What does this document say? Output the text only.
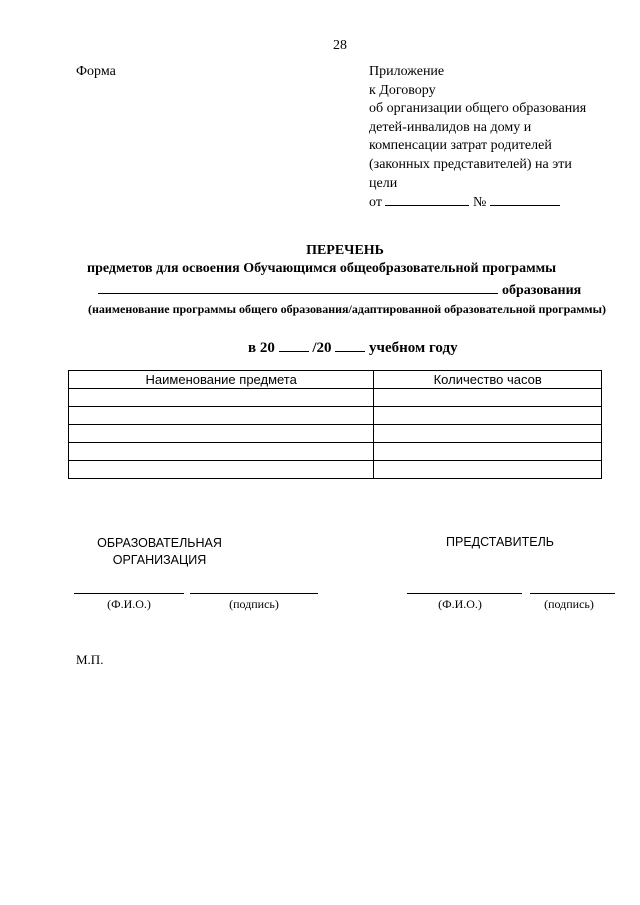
28
Форма	Приложение
к Договору
об организации общего образования
детей-инвалидов на дому и
компенсации затрат родителей
(законных представителей) на эти
цели
от	№
ПЕРЕЧЕНЬ
предметов для освоения Обучающимся общеобразовательной программы
образования
(наименование программы общего образования/адаптированной образовательной программы)
в 20	/20	учебном году
Наименование предмета	Количество часов

ОБРАЗОВАТЕЛЬНАЯ
ОРГАНИЗАЦИЯ
ПРЕДСТАВИТЕЛЬ
(Ф.И.О.)	(подпись)	(Ф.И.О.)	(подпись)
М.П.
